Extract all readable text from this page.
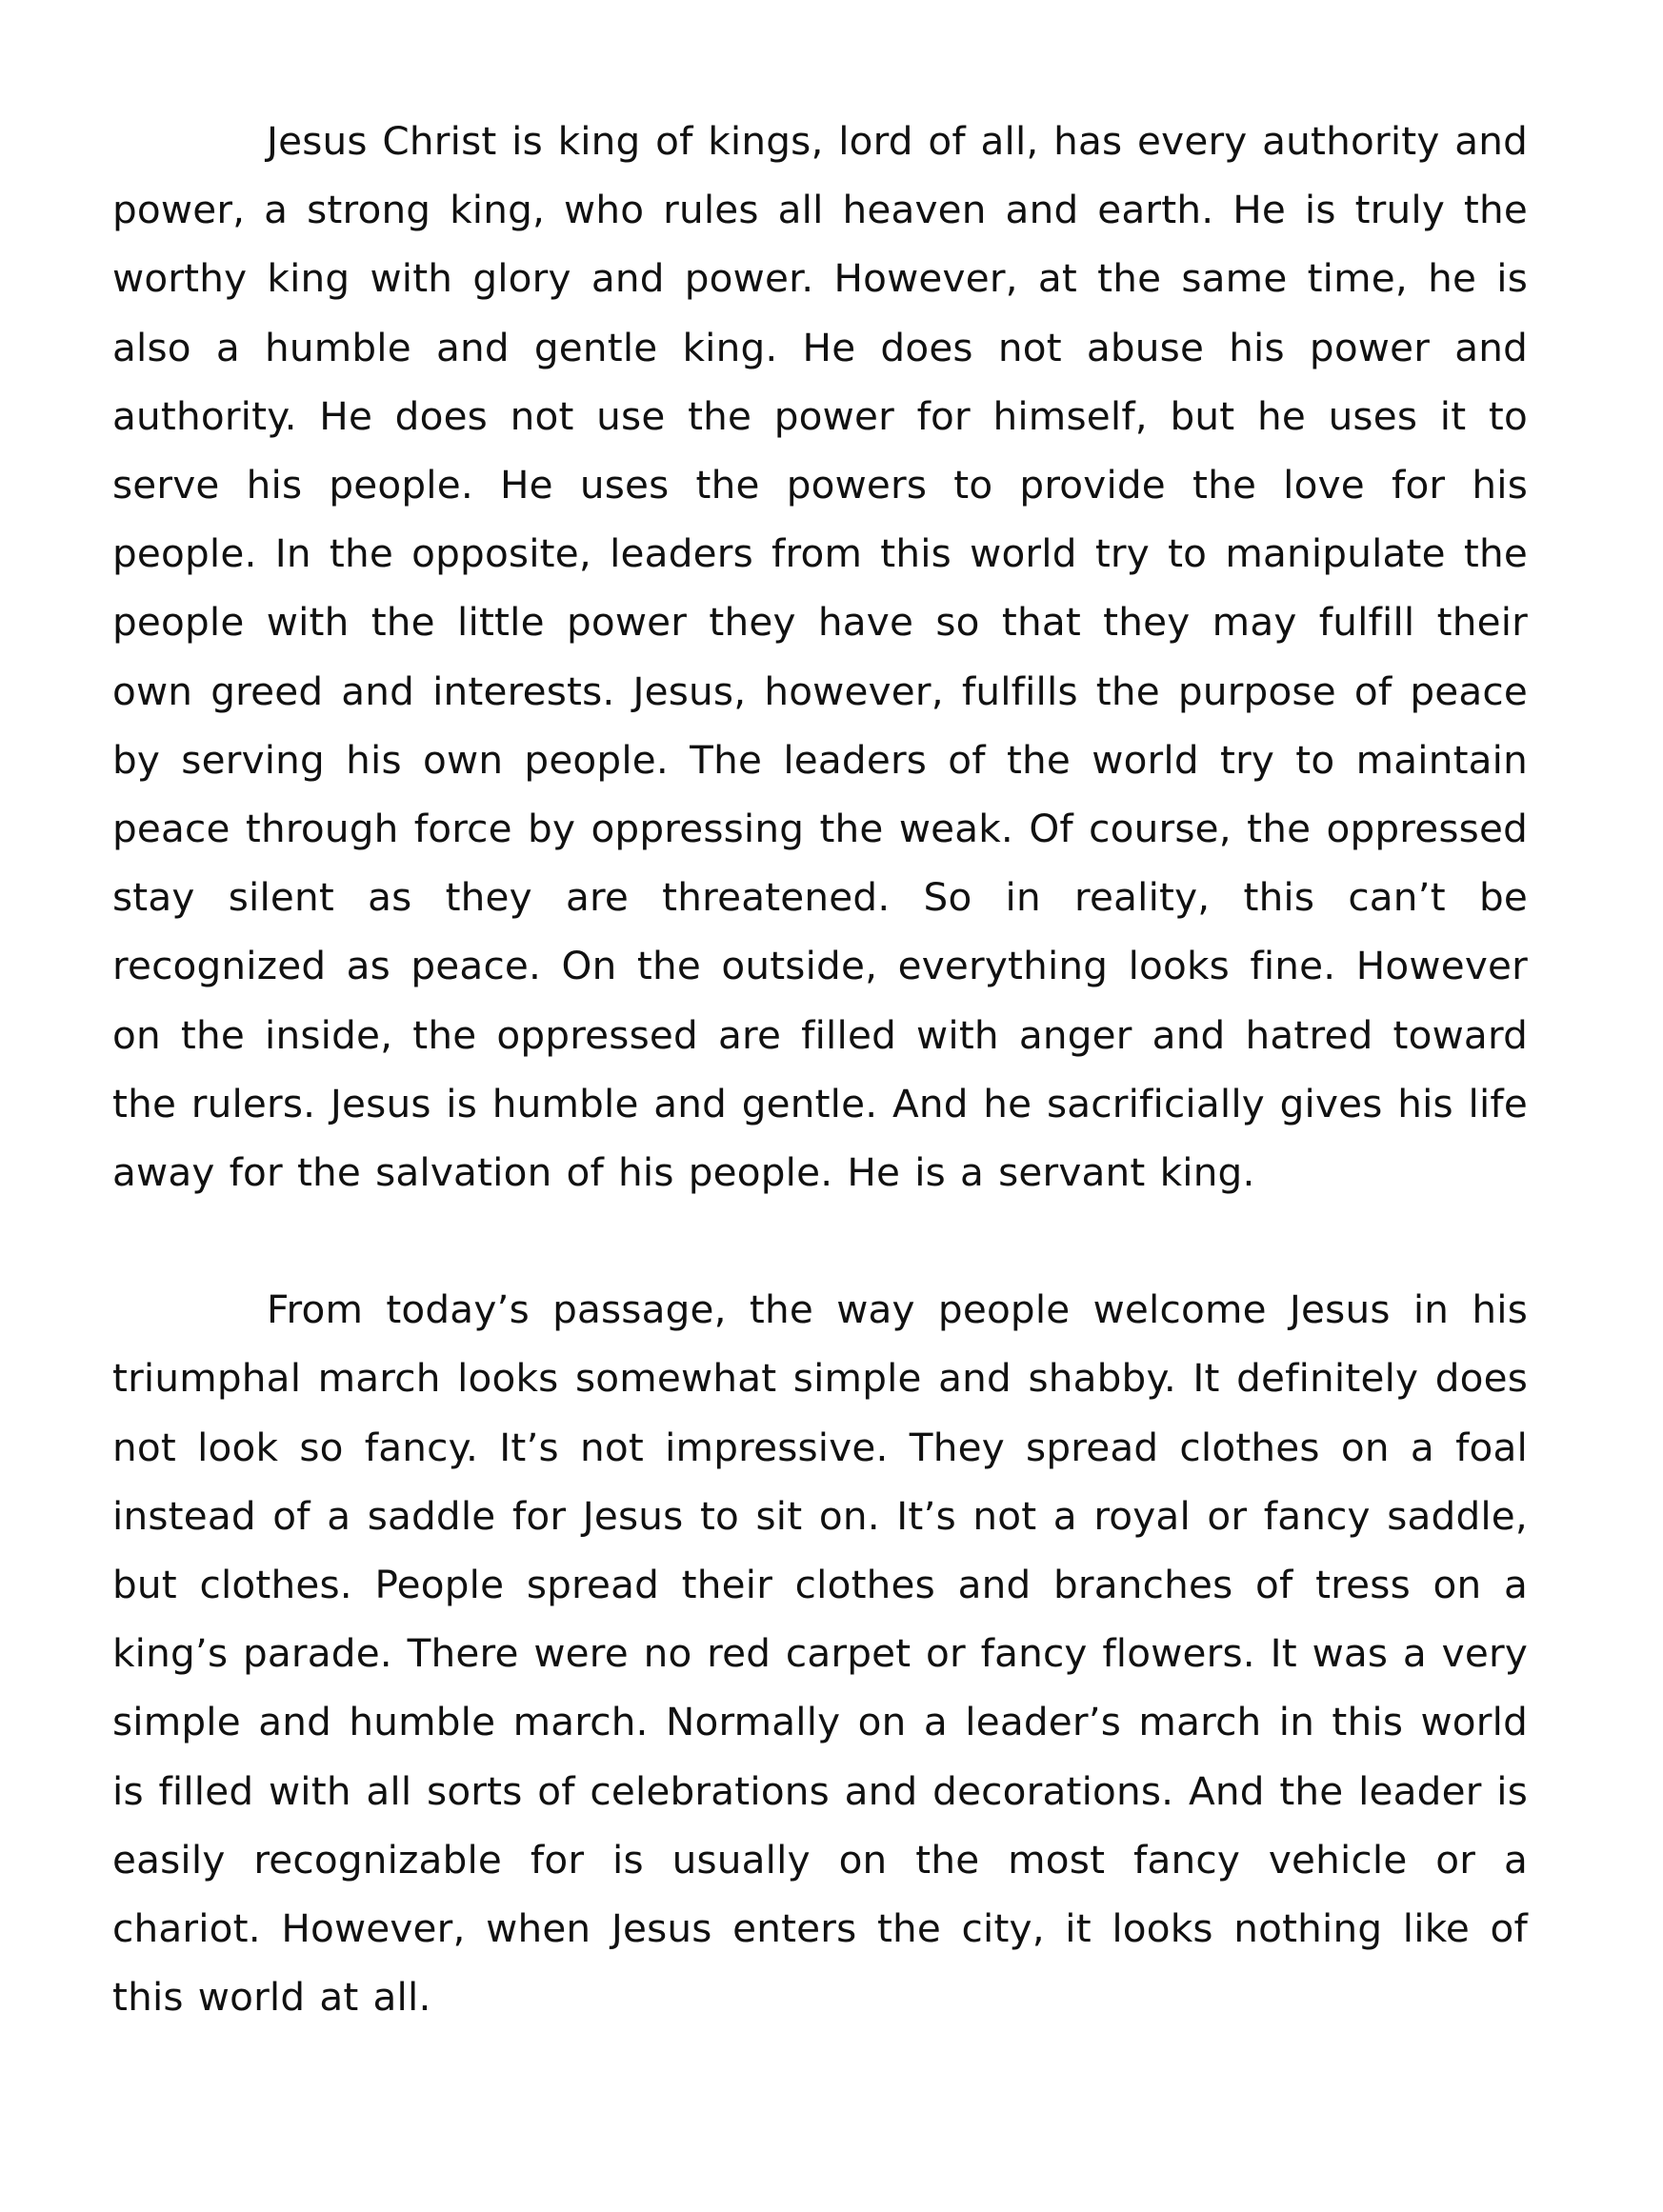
Jesus Christ is king of kings, lord of all, has every authority and power, a strong king, who rules all heaven and earth. He is truly the worthy king with glory and power. However, at the same time, he is also a humble and gentle king. He does not abuse his power and authority. He does not use the power for himself, but he uses it to serve his people. He uses the powers to provide the love for his people. In the opposite, leaders from this world try to manipulate the people with the little power they have so that they may fulfill their own greed and interests. Jesus, however, fulfills the purpose of peace by serving his own people. The leaders of the world try to maintain peace through force by oppressing the weak. Of course, the oppressed stay silent as they are threatened. So in reality, this can’t be recognized as peace. On the outside, everything looks fine. However on the inside, the oppressed are filled with anger and hatred toward the rulers. Jesus is humble and gentle. And he sacrificially gives his life away for the salvation of his people. He is a servant king.

From today’s passage, the way people welcome Jesus in his triumphal march looks somewhat simple and shabby. It definitely does not look so fancy. It’s not impressive. They spread clothes on a foal instead of a saddle for Jesus to sit on. It’s not a royal or fancy saddle, but clothes. People spread their clothes and branches of tress on a king’s parade. There were no red carpet or fancy flowers. It was a very simple and humble march. Normally on a leader’s march in this world is filled with all sorts of celebrations and decorations. And the leader is easily recognizable for is usually on the most fancy vehicle or a chariot. However, when Jesus enters the city, it looks nothing like of this world at all.
